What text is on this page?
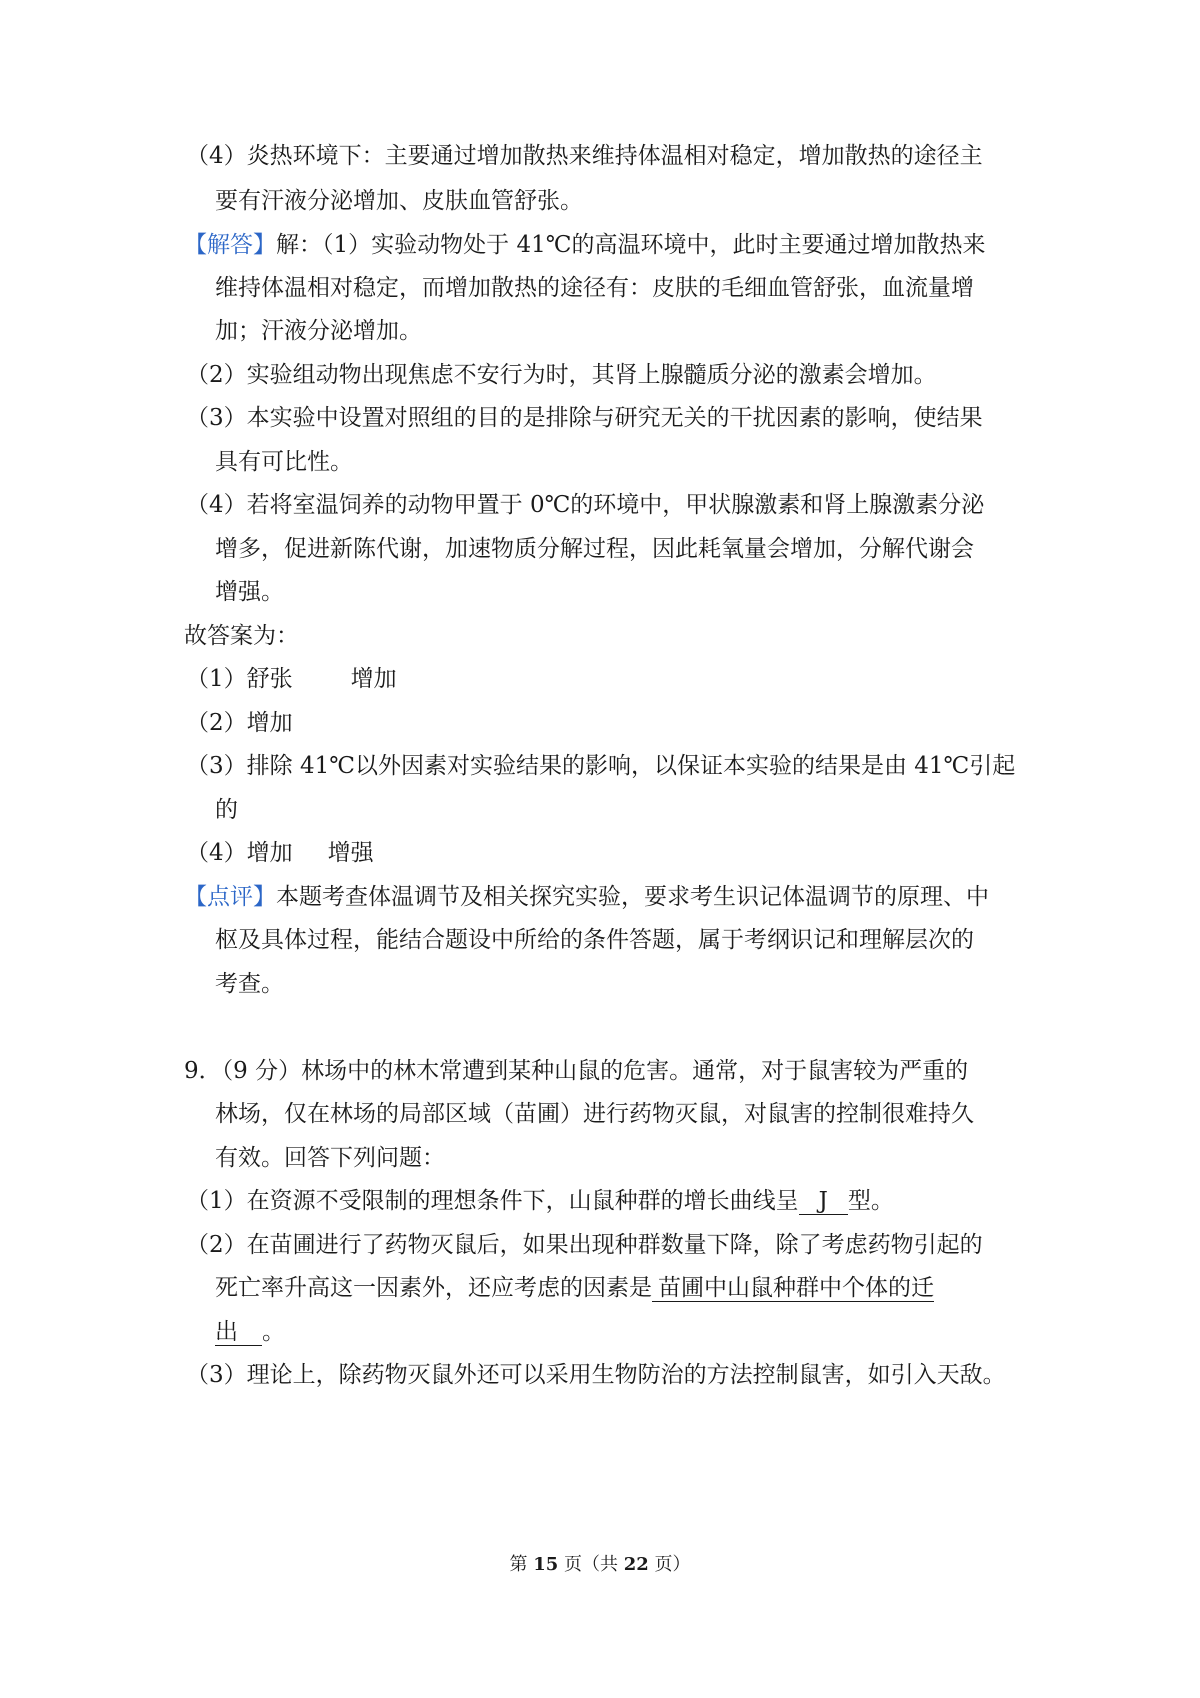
（4）炎热环境下：主要通过增加散热来维持体温相对稳定，增加散热的途径主
要有汗液分泌增加、皮肤血管舒张。
【解答】解：（1）实验动物处于 41℃的高温环境中，此时主要通过增加散热来
维持体温相对稳定，而增加散热的途径有：皮肤的毛细血管舒张，血流量增
加；汗液分泌增加。
（2）实验组动物出现焦虑不安行为时，其肾上腺髓质分泌的激素会增加。
（3）本实验中设置对照组的目的是排除与研究无关的干扰因素的影响，使结果
具有可比性。
（4）若将室温饲养的动物甲置于 0℃的环境中，甲状腺激素和肾上腺激素分泌
增多，促进新陈代谢，加速物质分解过程，因此耗氧量会增加，分解代谢会
增强。
故答案为：
（1）舒张	增加
（2）增加
（3）排除 41℃以外因素对实验结果的影响，以保证本实验的结果是由 41℃引起
的
（4）增加 增强
【点评】本题考查体温调节及相关探究实验，要求考生识记体温调节的原理、中
枢及具体过程，能结合题设中所给的条件答题，属于考纲识记和理解层次的
考查。
9．（9 分）林场中的林木常遭到某种山鼠的危害。通常，对于鼠害较为严重的
林场，仅在林场的局部区域（苗圃）进行药物灭鼠，对鼠害的控制很难持久
有效。回答下列问题：
（1）在资源不受限制的理想条件下，山鼠种群的增长曲线呈 J 型。
（2）在苗圃进行了药物灭鼠后，如果出现种群数量下降，除了考虑药物引起的
死亡率升高这一因素外，还应考虑的因素是 苗圃中山鼠种群中个体的迁
出 。
（3）理论上，除药物灭鼠外还可以采用生物防治的方法控制鼠害，如引入天敌。
第 15 页（共 22 页）
